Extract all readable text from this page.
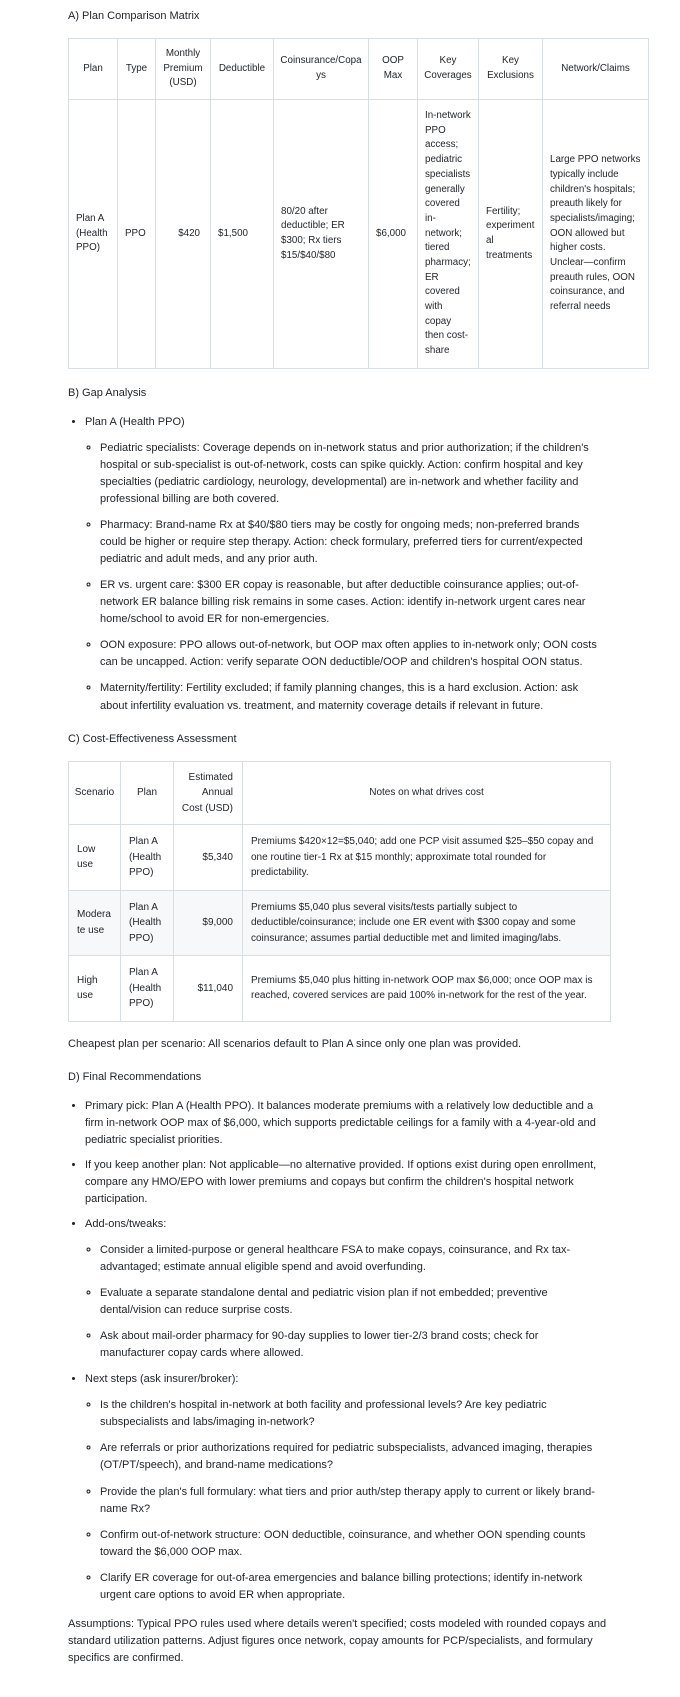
A) Plan Comparison Matrix

Plan	Type	Monthly Premium (USD)	Deductible	Coinsurance/Copays	OOP Max	Key Coverages	Key Exclusions	Network/Claims
Plan A (Health PPO)	PPO	$420	$1,500	80/20 after deductible; ER $300; Rx tiers $15/$40/$80	$6,000	In-network PPO access; pediatric specialists generally covered in-network; tiered pharmacy; ER covered with copay then cost-share	Fertility; experimental treatments	Large PPO networks typically include children's hospitals; preauth likely for specialists/imaging; OON allowed but higher costs. Unclear—confirm preauth rules, OON coinsurance, and referral needs

B) Gap Analysis

• Plan A (Health PPO)
◦ Pediatric specialists: Coverage depends on in-network status and prior authorization; if the children's hospital or sub-specialist is out-of-network, costs can spike quickly. Action: confirm hospital and key specialties (pediatric cardiology, neurology, developmental) are in-network and whether facility and professional billing are both covered.
◦ Pharmacy: Brand-name Rx at $40/$80 tiers may be costly for ongoing meds; non-preferred brands could be higher or require step therapy. Action: check formulary, preferred tiers for current/expected pediatric and adult meds, and any prior auth.
◦ ER vs. urgent care: $300 ER copay is reasonable, but after deductible coinsurance applies; out-of-network ER balance billing risk remains in some cases. Action: identify in-network urgent cares near home/school to avoid ER for non-emergencies.
◦ OON exposure: PPO allows out-of-network, but OOP max often applies to in-network only; OON costs can be uncapped. Action: verify separate OON deductible/OOP and children's hospital OON status.
◦ Maternity/fertility: Fertility excluded; if family planning changes, this is a hard exclusion. Action: ask about infertility evaluation vs. treatment, and maternity coverage details if relevant in future.

C) Cost-Effectiveness Assessment

Scenario	Plan	Estimated Annual Cost (USD)	Notes on what drives cost
Low use	Plan A (Health PPO)	$5,340	Premiums $420×12=$5,040; add one PCP visit assumed $25–$50 copay and one routine tier-1 Rx at $15 monthly; approximate total rounded for predictability.
Moderate use	Plan A (Health PPO)	$9,000	Premiums $5,040 plus several visits/tests partially subject to deductible/coinsurance; include one ER event with $300 copay and some coinsurance; assumes partial deductible met and limited imaging/labs.
High use	Plan A (Health PPO)	$11,040	Premiums $5,040 plus hitting in-network OOP max $6,000; once OOP max is reached, covered services are paid 100% in-network for the rest of the year.

Cheapest plan per scenario: All scenarios default to Plan A since only one plan was provided.

D) Final Recommendations

• Primary pick: Plan A (Health PPO). It balances moderate premiums with a relatively low deductible and a firm in-network OOP max of $6,000, which supports predictable ceilings for a family with a 4-year-old and pediatric specialist priorities.
• If you keep another plan: Not applicable—no alternative provided. If options exist during open enrollment, compare any HMO/EPO with lower premiums and copays but confirm the children's hospital network participation.
• Add-ons/tweaks:
◦ Consider a limited-purpose or general healthcare FSA to make copays, coinsurance, and Rx tax-advantaged; estimate annual eligible spend and avoid overfunding.
◦ Evaluate a separate standalone dental and pediatric vision plan if not embedded; preventive dental/vision can reduce surprise costs.
◦ Ask about mail-order pharmacy for 90-day supplies to lower tier-2/3 brand costs; check for manufacturer copay cards where allowed.
• Next steps (ask insurer/broker):
◦ Is the children's hospital in-network at both facility and professional levels? Are key pediatric subspecialists and labs/imaging in-network?
◦ Are referrals or prior authorizations required for pediatric subspecialists, advanced imaging, therapies (OT/PT/speech), and brand-name medications?
◦ Provide the plan's full formulary: what tiers and prior auth/step therapy apply to current or likely brand-name Rx?
◦ Confirm out-of-network structure: OON deductible, coinsurance, and whether OON spending counts toward the $6,000 OOP max.
◦ Clarify ER coverage for out-of-area emergencies and balance billing protections; identify in-network urgent care options to avoid ER when appropriate.

Assumptions: Typical PPO rules used where details weren't specified; costs modeled with rounded copays and standard utilization patterns. Adjust figures once network, copay amounts for PCP/specialists, and formulary specifics are confirmed.
